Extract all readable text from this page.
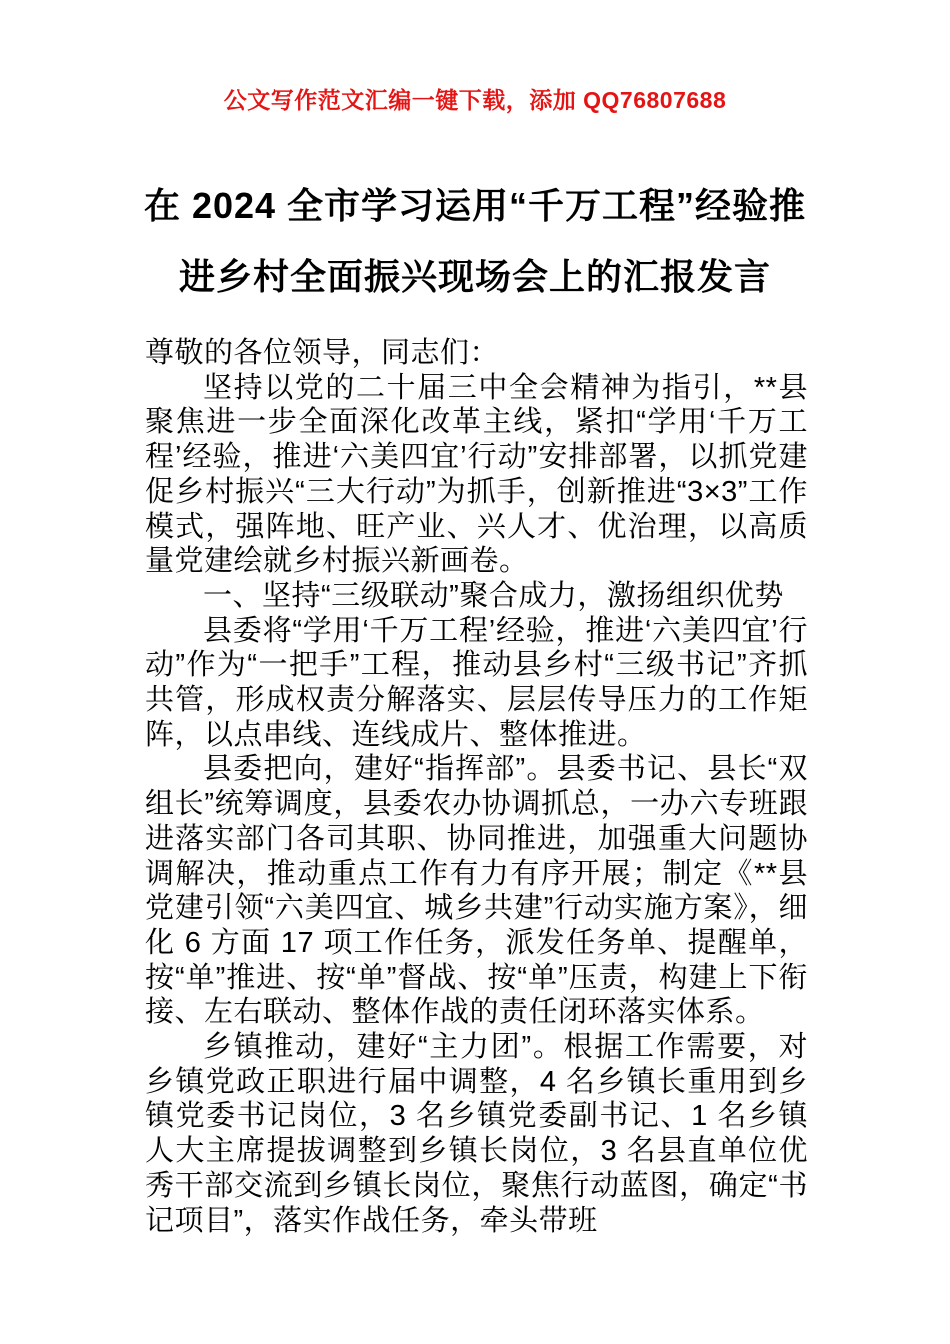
公文写作范文汇编一键下载，添加 QQ76807688
在 2024 全市学习运用“千万工程”经验推
进乡村全面振兴现场会上的汇报发言

尊敬的各位领导，同志们：

坚持以党的二十届三中全会精神为指引，**县聚焦进一步全面深化改革主线，紧扣“学用‘千万工程’经验，推进‘六美四宜’行动”安排部署，以抓党建促乡村振兴“三大行动”为抓手，创新推进“3×3”工作模式，强阵地、旺产业、兴人才、优治理，以高质量党建绘就乡村振兴新画卷。

一、坚持“三级联动”聚合成力，激扬组织优势

县委将“学用‘千万工程’经验，推进‘六美四宜’行动”作为“一把手”工程，推动县乡村“三级书记”齐抓共管，形成权责分解落实、层层传导压力的工作矩阵，以点串线、连线成片、整体推进。

县委把向，建好“指挥部”。县委书记、县长“双组长”统筹调度，县委农办协调抓总，一办六专班跟进落实部门各司其职、协同推进，加强重大问题协调解决，推动重点工作有力有序开展；制定《**县党建引领“六美四宜、城乡共建”行动实施方案》，细化 6 方面 17 项工作任务，派发任务单、提醒单，按“单”推进、按“单”督战、按“单”压责，构建上下衔接、左右联动、整体作战的责任闭环落实体系。

乡镇推动，建好“主力团”。根据工作需要，对乡镇党政正职进行届中调整，4 名乡镇长重用到乡镇党委书记岗位，3 名乡镇党委副书记、1 名乡镇人大主席提拔调整到乡镇长岗位，3 名县直单位优秀干部交流到乡镇长岗位，聚焦行动蓝图，确定“书记项目”，落实作战任务，牵头带班
